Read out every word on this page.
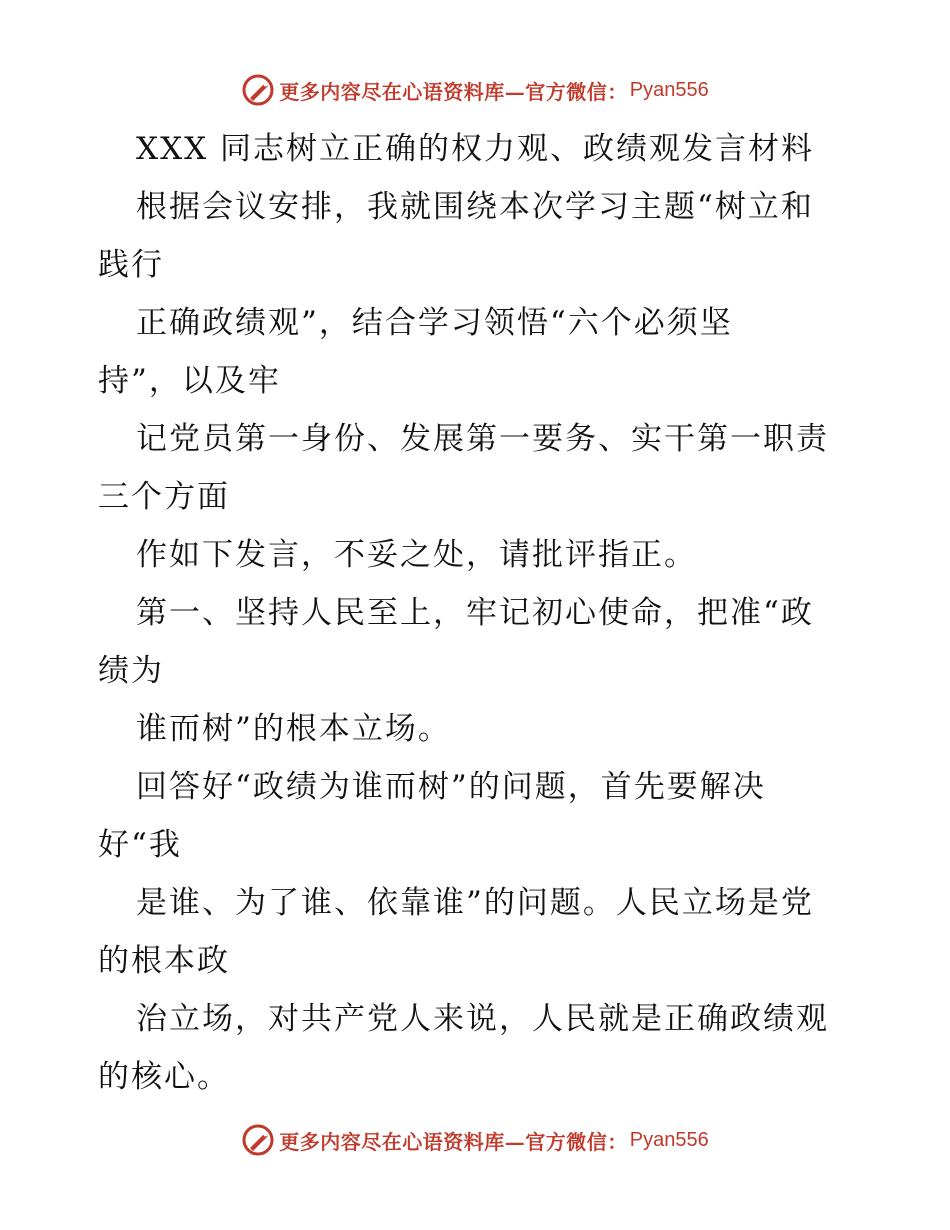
更多内容尽在心语资料库—官方微信： Pyan556
XXX 同志树立正确的权力观、政绩观发言材料
根据会议安排，我就围绕本次学习主题“树立和
践行
正确政绩观”，结合学习领悟“六个必须坚
持”，以及牢
记党员第一身份、发展第一要务、实干第一职责
三个方面
作如下发言，不妥之处，请批评指正。
第一、坚持人民至上，牢记初心使命，把准“政
绩为
谁而树”的根本立场。
回答好“政绩为谁而树”的问题，首先要解决
好“我
是谁、为了谁、依靠谁”的问题。人民立场是党
的根本政
治立场，对共产党人来说，人民就是正确政绩观
的核心。
更多内容尽在心语资料库—官方微信： Pyan556
